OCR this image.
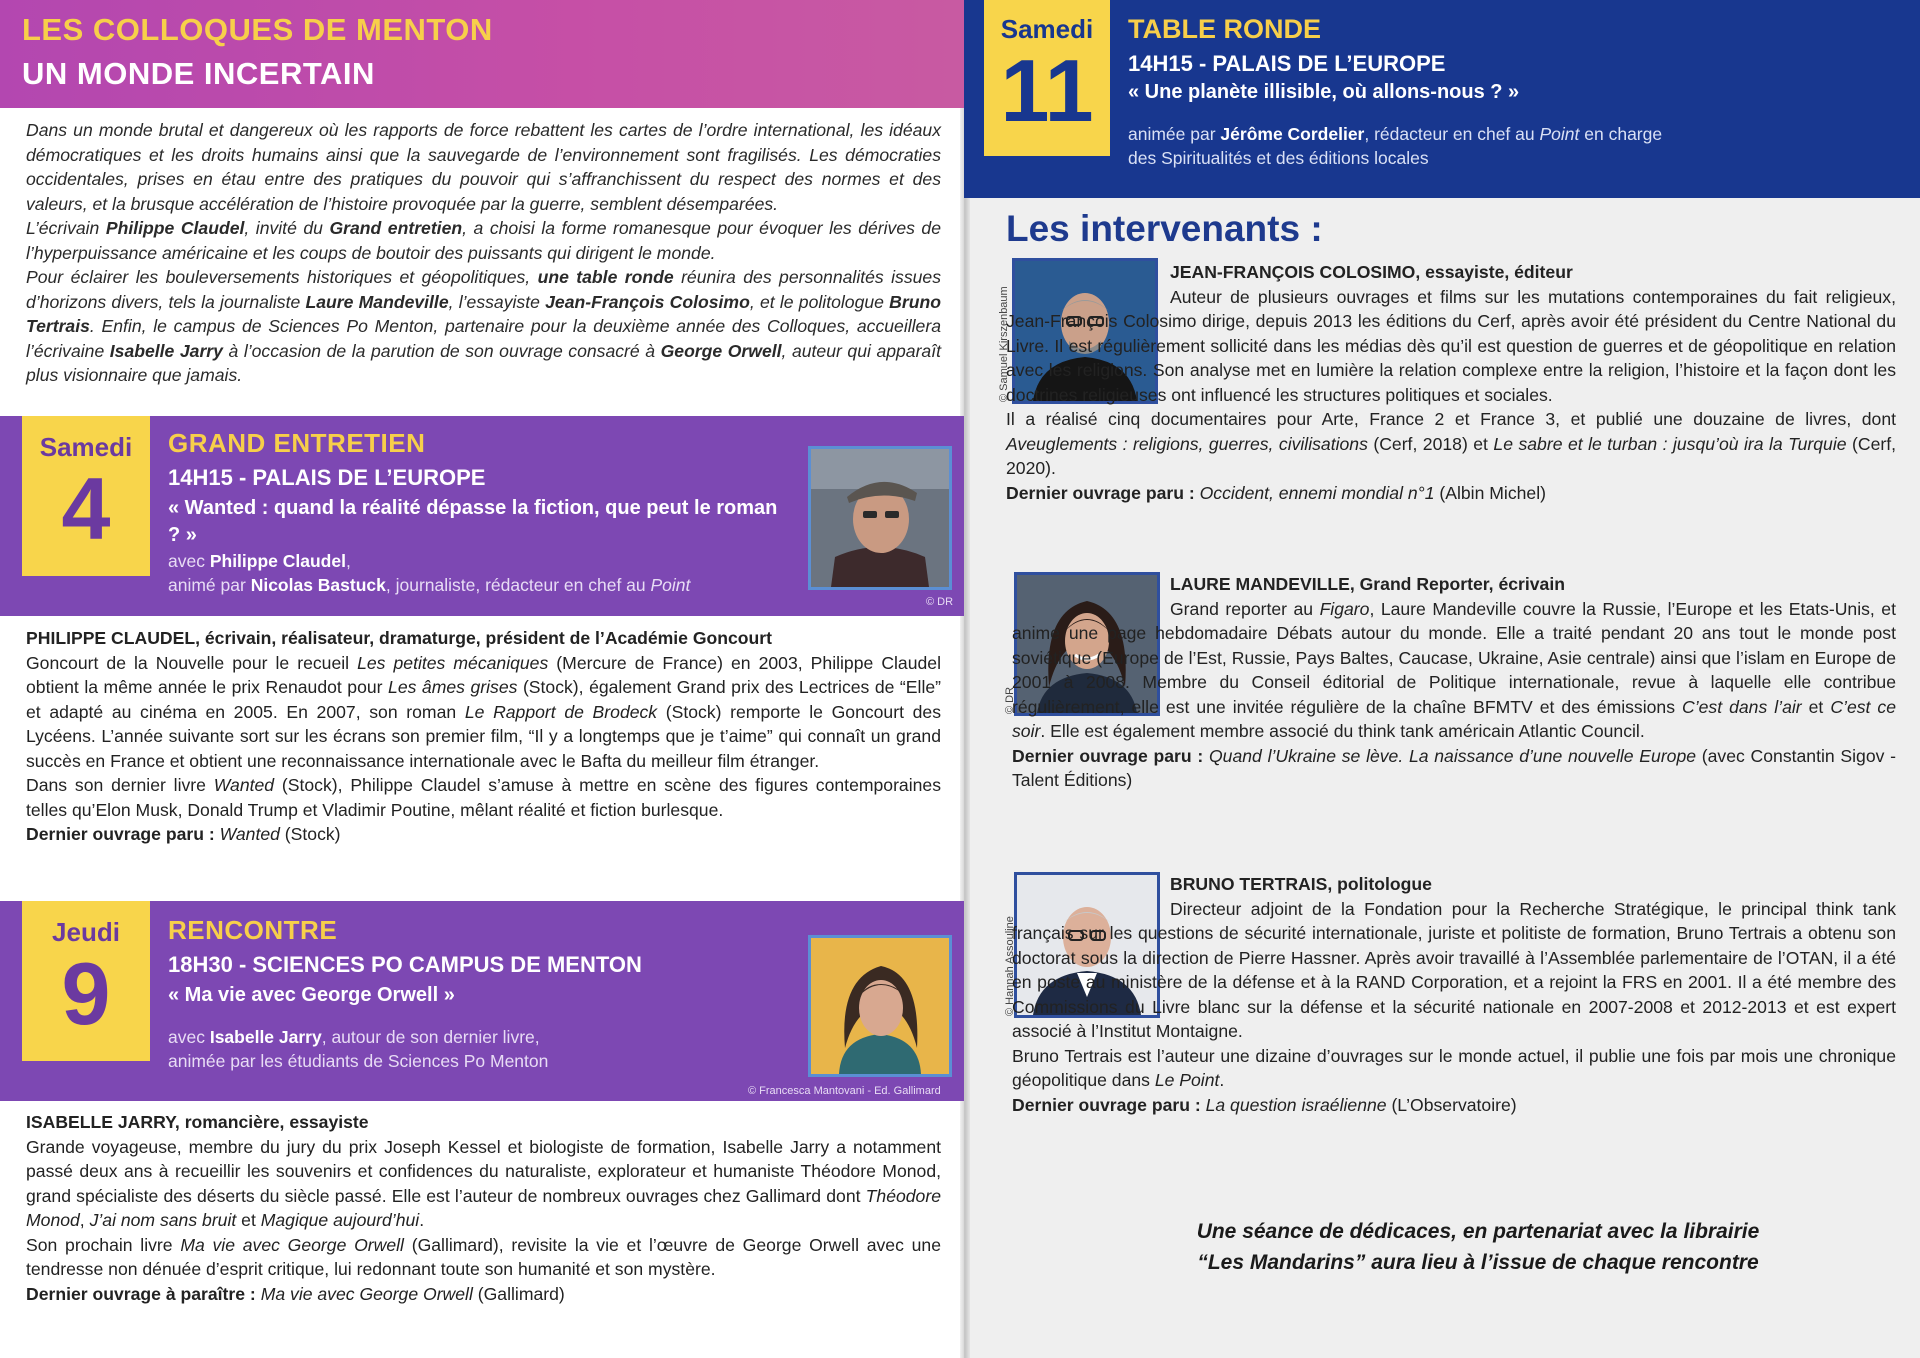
LES COLLOQUES DE MENTON
UN MONDE INCERTAIN

Dans un monde brutal et dangereux où les rapports de force rebattent les cartes de l’ordre international, les idéaux démocratiques et les droits humains ainsi que la sauvegarde de l’environnement sont fragilisés. Les démocraties occidentales, prises en étau entre des pratiques du pouvoir qui s’affranchissent du respect des normes et des valeurs, et la brusque accélération de l’histoire provoquée par la guerre, semblent désemparées.

L’écrivain Philippe Claudel, invité du Grand entretien, a choisi la forme romanesque pour évoquer les dérives de l’hyperpuissance américaine et les coups de boutoir des puissants qui dirigent le monde.

Pour éclairer les bouleversements historiques et géopolitiques, une table ronde réunira des personnalités issues d’horizons divers, tels la journaliste Laure Mandeville, l’essayiste Jean-François Colosimo, et le politologue Bruno Tertrais. Enfin, le campus de Sciences Po Menton, partenaire pour la deuxième année des Colloques, accueillera l’écrivaine Isabelle Jarry à l’occasion de la parution de son ouvrage consacré à George Orwell, auteur qui apparaît plus visionnaire que jamais.

Samedi
4
GRAND ENTRETIEN
14H15 - PALAIS DE L’EUROPE
« Wanted : quand la réalité dépasse la fiction, que peut le roman ? »
avec Philippe Claudel,
animé par Nicolas Bastuck, journaliste, rédacteur en chef au Point
© DR
PHILIPPE CLAUDEL, écrivain, réalisateur, dramaturge, président de l’Académie Goncourt
Goncourt de la Nouvelle pour le recueil Les petites mécaniques (Mercure de France) en 2003, Philippe Claudel obtient la même année le prix Renaudot pour Les âmes grises (Stock), également Grand prix des Lectrices de “Elle” et adapté au cinéma en 2005. En 2007, son roman Le Rapport de Brodeck (Stock) remporte le Goncourt des Lycéens. L’année suivante sort sur les écrans son premier film, “Il y a longtemps que je t’aime” qui connaît un grand succès en France et obtient une reconnaissance internationale avec le Bafta du meilleur film étranger.
Dans son dernier livre Wanted (Stock), Philippe Claudel s’amuse à mettre en scène des figures contemporaines telles qu’Elon Musk, Donald Trump et Vladimir Poutine, mêlant réalité et fiction burlesque.
Dernier ouvrage paru : Wanted (Stock)
Jeudi
9
RENCONTRE
18H30 - SCIENCES PO CAMPUS DE MENTON
« Ma vie avec George Orwell »
avec Isabelle Jarry, autour de son dernier livre,
animée par les étudiants de Sciences Po Menton
© Francesca Mantovani - Ed. Gallimard
ISABELLE JARRY, romancière, essayiste
Grande voyageuse, membre du jury du prix Joseph Kessel et biologiste de formation, Isabelle Jarry a notamment passé deux ans à recueillir les souvenirs et confidences du naturaliste, explorateur et humaniste Théodore Monod, grand spécialiste des déserts du siècle passé. Elle est l’auteur de nombreux ouvrages chez Gallimard dont Théodore Monod, J’ai nom sans bruit et Magique aujourd’hui.
Son prochain livre Ma vie avec George Orwell (Gallimard), revisite la vie et l’œuvre de George Orwell avec une tendresse non dénuée d’esprit critique, lui redonnant toute son humanité et son mystère.
Dernier ouvrage à paraître : Ma vie avec George Orwell (Gallimard)
Samedi
11
TABLE RONDE
14H15 - PALAIS DE L’EUROPE
« Une planète illisible, où allons-nous ? »
animée par Jérôme Cordelier, rédacteur en chef au Point en charge
des Spiritualités et des éditions locales
Les intervenants :
© Samuel Kirszenbaum
JEAN-FRANÇOIS COLOSIMO, essayiste, éditeur
Auteur de plusieurs ouvrages et films sur les mutations contemporaines du fait religieux, Jean-François Colosimo dirige, depuis 2013 les éditions du Cerf, après avoir été président du Centre National du Livre. Il est régulièrement sollicité dans les médias dès qu’il est question de guerres et de géopolitique en relation avec les religions. Son analyse met en lumière la relation complexe entre la religion, l’histoire et la façon dont les doctrines religieuses ont influencé les structures politiques et sociales.
Il a réalisé cinq documentaires pour Arte, France 2 et France 3, et publié une douzaine de livres, dont Aveuglements : religions, guerres, civilisations (Cerf, 2018) et Le sabre et le turban : jusqu’où ira la Turquie (Cerf, 2020).
Dernier ouvrage paru : Occident, ennemi mondial n°1 (Albin Michel)
© DR
LAURE MANDEVILLE, Grand Reporter, écrivain
Grand reporter au Figaro, Laure Mandeville couvre la Russie, l’Europe et les Etats-Unis, et anime une page hebdomadaire Débats autour du monde. Elle a traité pendant 20 ans tout le monde post soviétique (Europe de l’Est, Russie, Pays Baltes, Caucase, Ukraine, Asie centrale) ainsi que l’islam en Europe de 2001 à 2008. Membre du Conseil éditorial de Politique internationale, revue à laquelle elle contribue régulièrement, elle est une invitée régulière de la chaîne BFMTV et des émissions C’est dans l’air et C’est ce soir. Elle est également membre associé du think tank américain Atlantic Council.
Dernier ouvrage paru : Quand l’Ukraine se lève. La naissance d’une nouvelle Europe (avec Constantin Sigov - Talent Éditions)
© Hannah Assouline
BRUNO TERTRAIS, politologue
Directeur adjoint de la Fondation pour la Recherche Stratégique, le principal think tank français sur les questions de sécurité internationale, juriste et politiste de formation, Bruno Tertrais a obtenu son doctorat sous la direction de Pierre Hassner. Après avoir travaillé à l’Assemblée parlementaire de l’OTAN, il a été en poste au ministère de la défense et à la RAND Corporation, et a rejoint la FRS en 2001. Il a été membre des Commissions du Livre blanc sur la défense et la sécurité nationale en 2007-2008 et 2012-2013 et est expert associé à l’Institut Montaigne.
Bruno Tertrais est l’auteur une dizaine d’ouvrages sur le monde actuel, il publie une fois par mois une chronique géopolitique dans Le Point.
Dernier ouvrage paru : La question israélienne (L’Observatoire)
Une séance de dédicaces, en partenariat avec la librairie
“Les Mandarins” aura lieu à l’issue de chaque rencontre
